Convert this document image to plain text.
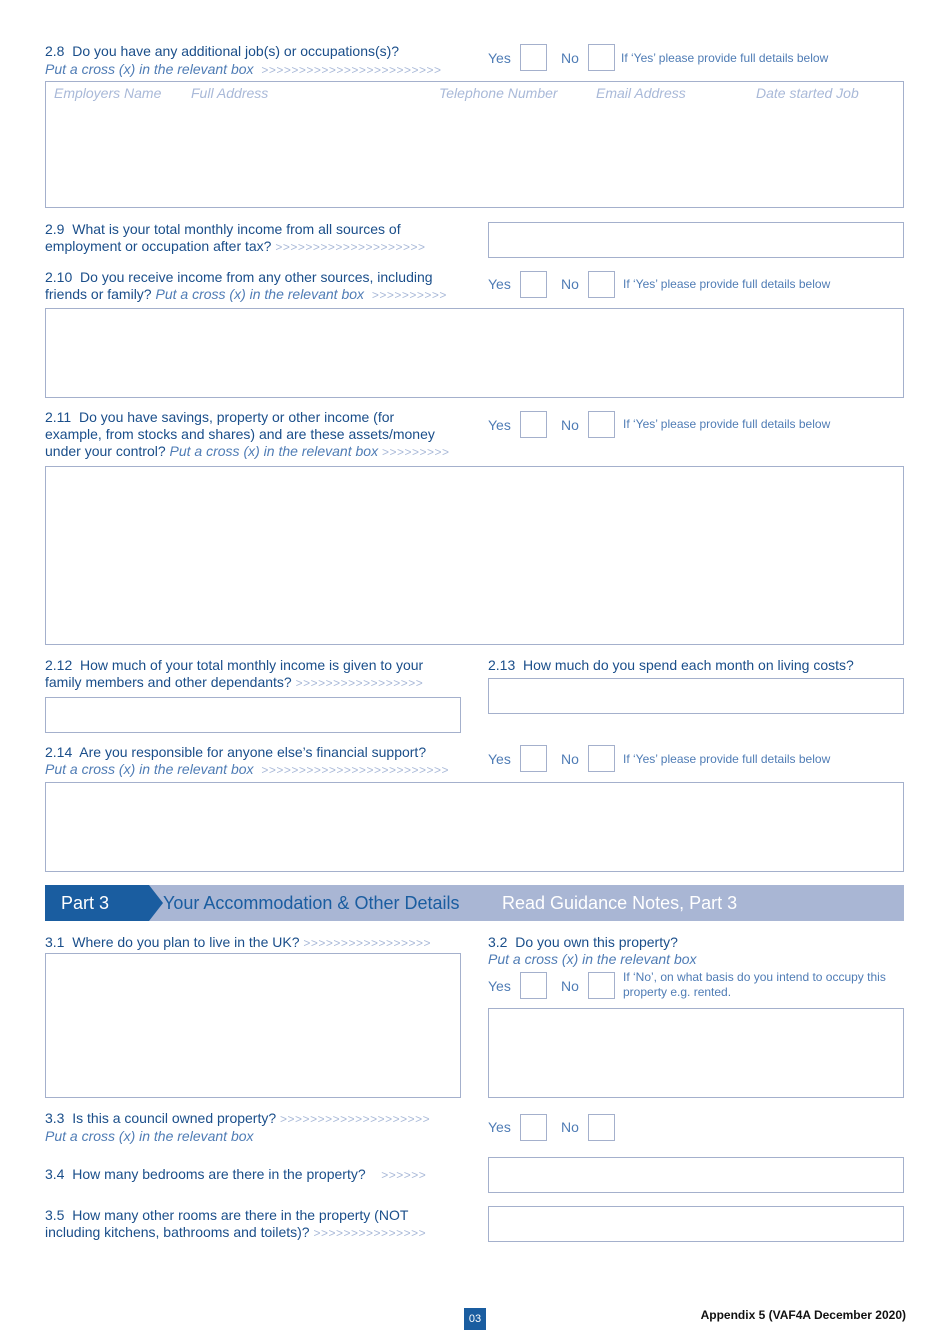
2.8 Do you have any additional job(s) or occupations(s)?
Put a cross (x) in the relevant box >>>>>>>>>>>>>>>>>>>>>>>>
Yes	No	If ‘Yes’ please provide full details below
Employers Name Full Address	Telephone Number	Email Address	Date started Job
2.9 What is your total monthly income from all sources of
employment or occupation after tax? >>>>>>>>>>>>>>>>>>>>
2.10 Do you receive income from any other sources, including
friends or family? Put a cross (x) in the relevant box >>>>>>>>>>
Yes	No	If ‘Yes’ please provide full details below
2.11 Do you have savings, property or other income (for
example, from stocks and shares) and are these assets/money
under your control? Put a cross (x) in the relevant box >>>>>>>>>
Yes	No	If ‘Yes’ please provide full details below
2.12 How much of your total monthly income is given to your
family members and other dependants? >>>>>>>>>>>>>>>>>
2.13 How much do you spend each month on living costs?
2.14 Are you responsible for anyone else’s financial support?
Put a cross (x) in the relevant box >>>>>>>>>>>>>>>>>>>>>>>>>
Yes	No	If ‘Yes’ please provide full details below
Part 3	Your Accommodation & Other Details Read Guidance Notes, Part 3
3.1 Where do you plan to live in the UK? >>>>>>>>>>>>>>>>>	3.2 Do you own this property?
Put a cross (x) in the relevant box
Yes	No
If ‘No’, on what basis do you intend to occupy this property e.g. rented.
3.3 Is this a council owned property? >>>>>>>>>>>>>>>>>>>>
Put a cross (x) in the relevant box
Yes	No
3.4 How many bedrooms are there in the property? >>>>>>
3.5 How many other rooms are there in the property (NOT
including kitchens, bathrooms and toilets)? >>>>>>>>>>>>>>>
03	Appendix 5 (VAF4A December 2020)
